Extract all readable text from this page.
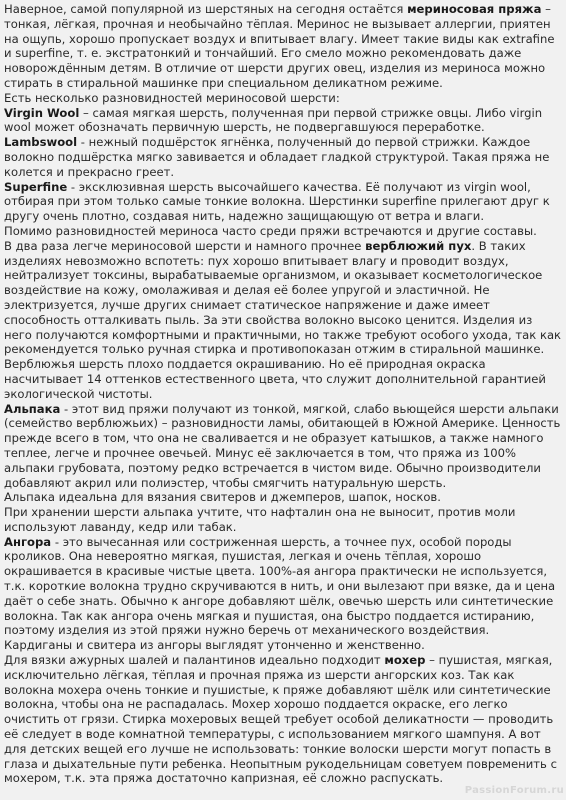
Наверное, самой популярной из шерстяных на сегодня остаётся мериносовая пряжа – тонкая, лёгкая, прочная и необычайно тёплая. Меринос не вызывает аллергии, приятен на ощупь, хорошо пропускает воздух и впитывает влагу. Имеет такие виды как extrafine и superfine, т. е. экстратонкий и тончайший. Его смело можно рекомендовать даже новорождённым детям. В отличие от шерсти других овец, изделия из мериноса можно стирать в стиральной машинке при специальном деликатном режиме.

Есть несколько разновидностей мериносовой шерсти:

Virgin Wool – самая мягкая шерсть, полученная при первой стрижке овцы. Либо virgin wool может обозначать первичную шерсть, не подвергавшуюся переработке.

Lambswool - нежный подшёрсток ягнёнка, полученный до первой стрижки. Каждое волокно подшёрстка мягко завивается и обладает гладкой структурой. Такая пряжа не колется и прекрасно греет.

Superfine - эксклюзивная шерсть высочайшего качества. Её получают из virgin wool, отбирая при этом только самые тонкие волокна. Шерстинки superfine прилегают друг к другу очень плотно, создавая нить, надежно защищающую от ветра и влаги.

Помимо разновидностей мериноса часто среди пряжи встречаются и другие составы.

В два раза легче мериносовой шерсти и намного прочнее верблюжий пух. В таких изделиях невозможно вспотеть: пух хорошо впитывает влагу и проводит воздух, нейтрализует токсины, вырабатываемые организмом, и оказывает косметологическое воздействие на кожу, омолаживая и делая её более упругой и эластичной. Не электризуется, лучше других снимает статическое напряжение и даже имеет способность отталкивать пыль. За эти свойства волокно высоко ценится. Изделия из него получаются комфортными и практичными, но также требуют особого ухода, так как рекомендуется только ручная стирка и противопоказан отжим в стиральной машинке.

Верблюжья шерсть плохо поддается окрашиванию. Но её природная окраска насчитывает 14 оттенков естественного цвета, что служит дополнительной гарантией экологической чистоты.

Альпака - этот вид пряжи получают из тонкой, мягкой, слабо вьющейся шерсти альпаки (семейство верблюжьих) – разновидности ламы, обитающей в Южной Америке. Ценность прежде всего в том, что она не сваливается и не образует катышков, а также намного теплее, легче и прочнее овечьей. Минус её заключается в том, что пряжа из 100% альпаки грубовата, поэтому редко встречается в чистом виде. Обычно производители добавляют акрил или полиэстер, чтобы смягчить натуральную шерсть.

Альпака идеальна для вязания свитеров и джемперов, шапок, носков.

При хранении шерсти альпака учтите, что нафталин она не выносит, против моли используют лаванду, кедр или табак.

Ангора - это вычесанная или состриженная шерсть, а точнее пух, особой породы кроликов. Она невероятно мягкая, пушистая, легкая и очень тёплая, хорошо окрашивается в красивые чистые цвета. 100%-ая ангора практически не используется, т.к. короткие волокна трудно скручиваются в нить, и они вылезают при вязке, да и цена даёт о себе знать. Обычно к ангоре добавляют шёлк, овечью шерсть или синтетические волокна. Так как ангора очень мягкая и пушистая, она быстро поддается истиранию, поэтому изделия из этой пряжи нужно беречь от механического воздействия.

Кардиганы и свитера из ангоры выглядят утонченно и женственно.

Для вязки ажурных шалей и палантинов идеально подходит мохер – пушистая, мягкая, исключительно лёгкая, тёплая и прочная пряжа из шерсти ангорских коз. Так как волокна мохера очень тонкие и пушистые, к пряже добавляют шёлк или синтетические волокна, чтобы она не распадалась. Мохер хорошо поддается окраске, его легко очистить от грязи. Стирка мохеровых вещей требует особой деликатности — проводить её следует в воде комнатной температуры, с использованием мягкого шампуня. А вот для детских вещей его лучше не использовать: тонкие волоски шерсти могут попасть в глаза и дыхательные пути ребенка. Неопытным рукодельницам советуем повременить с мохером, т.к. эта пряжа достаточно капризная, её сложно распускать.

PassionForum.ru
